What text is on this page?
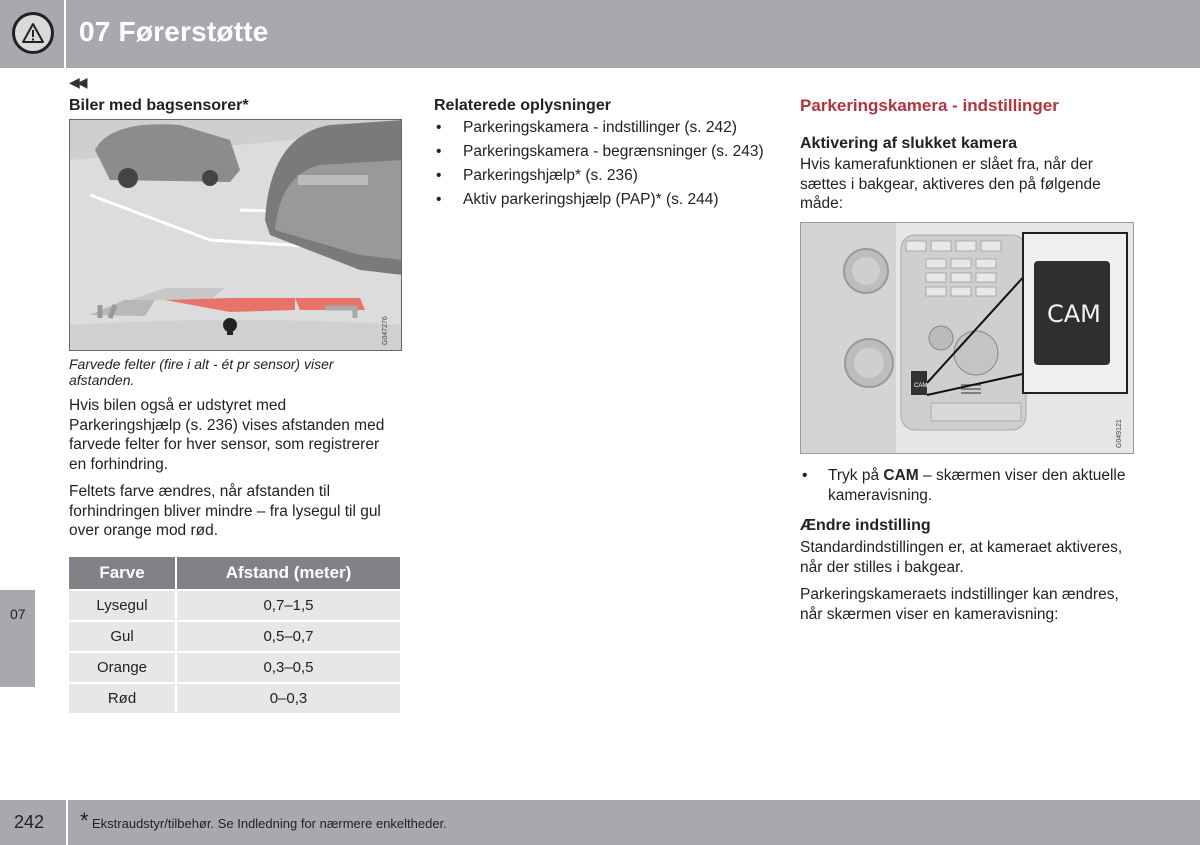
07 Førerstøtte
◀◀
07
Biler med bagsensorer*
G047276
Farvede felter (fire i alt - ét pr sensor) viser afstanden.
Hvis bilen også er udstyret med Parkeringshjælp (s. 236) vises afstanden med farvede felter for hver sensor, som registrerer en forhindring.
Feltets farve ændres, når afstanden til forhindringen bliver mindre – fra lysegul til gul over orange mod rød.
Farve	Afstand (meter)
Lysegul	0,7–1,5
Gul	0,5–0,7
Orange	0,3–0,5
Rød	0–0,3
Relaterede oplysninger
• Parkeringskamera - indstillinger (s. 242)
• Parkeringskamera - begrænsninger (s. 243)
• Parkeringshjælp* (s. 236)
• Aktiv parkeringshjælp (PAP)* (s. 244)
Parkeringskamera - indstillinger
Aktivering af slukket kamera
Hvis kamerafunktionen er slået fra, når der sættes i bakgear, aktiveres den på følgende måde:
CAM
CAM
G049121
• Tryk på CAM – skærmen viser den aktuelle kameravisning.
Ændre indstilling
Standardindstillingen er, at kameraet aktiveres, når der stilles i bakgear.
Parkeringskameraets indstillinger kan ændres, når skærmen viser en kameravisning:
242 * Ekstraudstyr/tilbehør. Se Indledning for nærmere enkeltheder.
